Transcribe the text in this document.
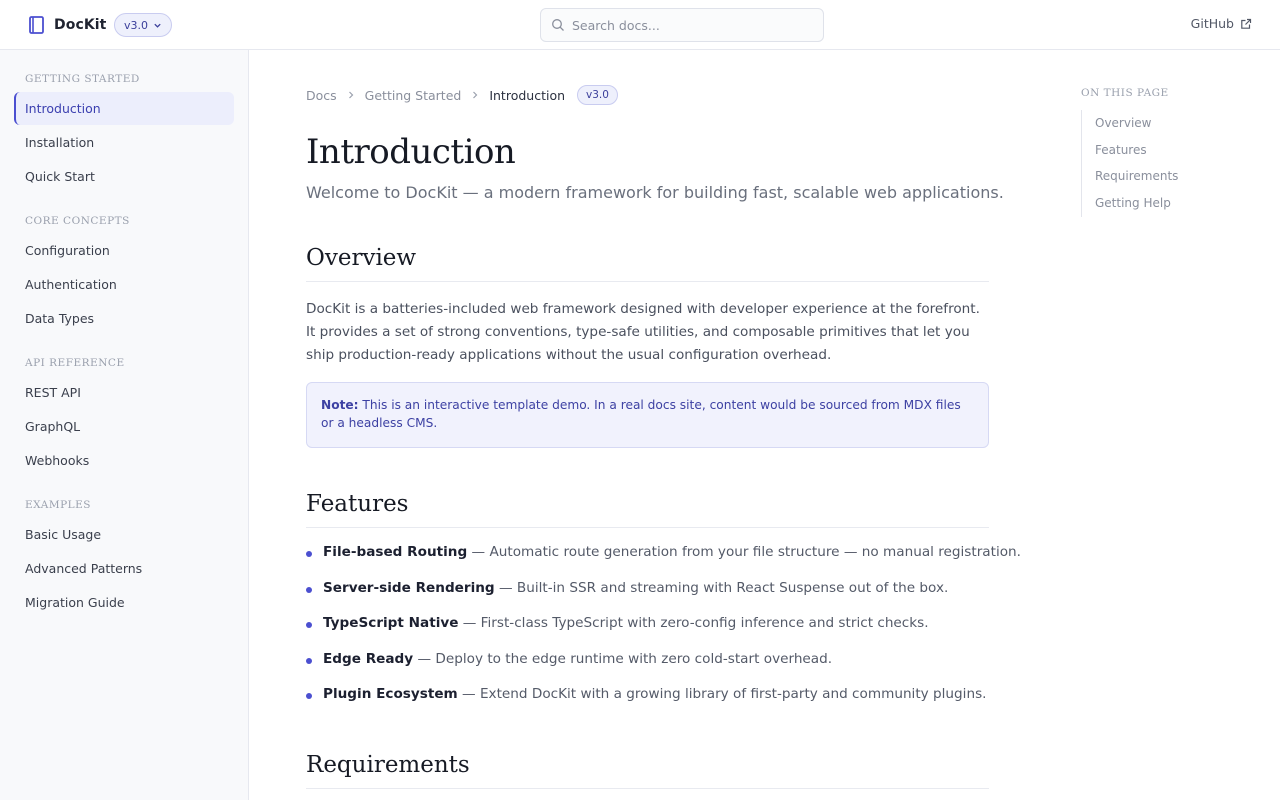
DocKit v3.0
Search docs...	GitHub
GETTING STARTED
Introduction
Installation
Quick Start
CORE CONCEPTS
Configuration
Authentication
Data Types
API REFERENCE
REST API
GraphQL
Webhooks
EXAMPLES
Basic Usage
Advanced Patterns
Migration Guide
Docs Getting Started Introduction	v3.0
Introduction

Welcome to DocKit — a modern framework for building fast, scalable web applications.

Overview

DocKit is a batteries-included web framework designed with developer experience at the forefront. It provides a set of strong conventions, type-safe utilities, and composable primitives that let you ship production-ready applications without the usual configuration overhead.

Note: This is an interactive template demo. In a real docs site, content would be sourced from MDX files or a headless CMS.
Features
File-based Routing — Automatic route generation from your file structure — no manual registration.
Server-side Rendering — Built-in SSR and streaming with React Suspense out of the box.
TypeScript Native — First-class TypeScript with zero-config inference and strict checks.
Edge Ready — Deploy to the edge runtime with zero cold-start overhead.
Plugin Ecosystem — Extend DocKit with a growing library of first-party and community plugins.
Requirements
ON THIS PAGE
Overview
Features
Requirements
Getting Help
